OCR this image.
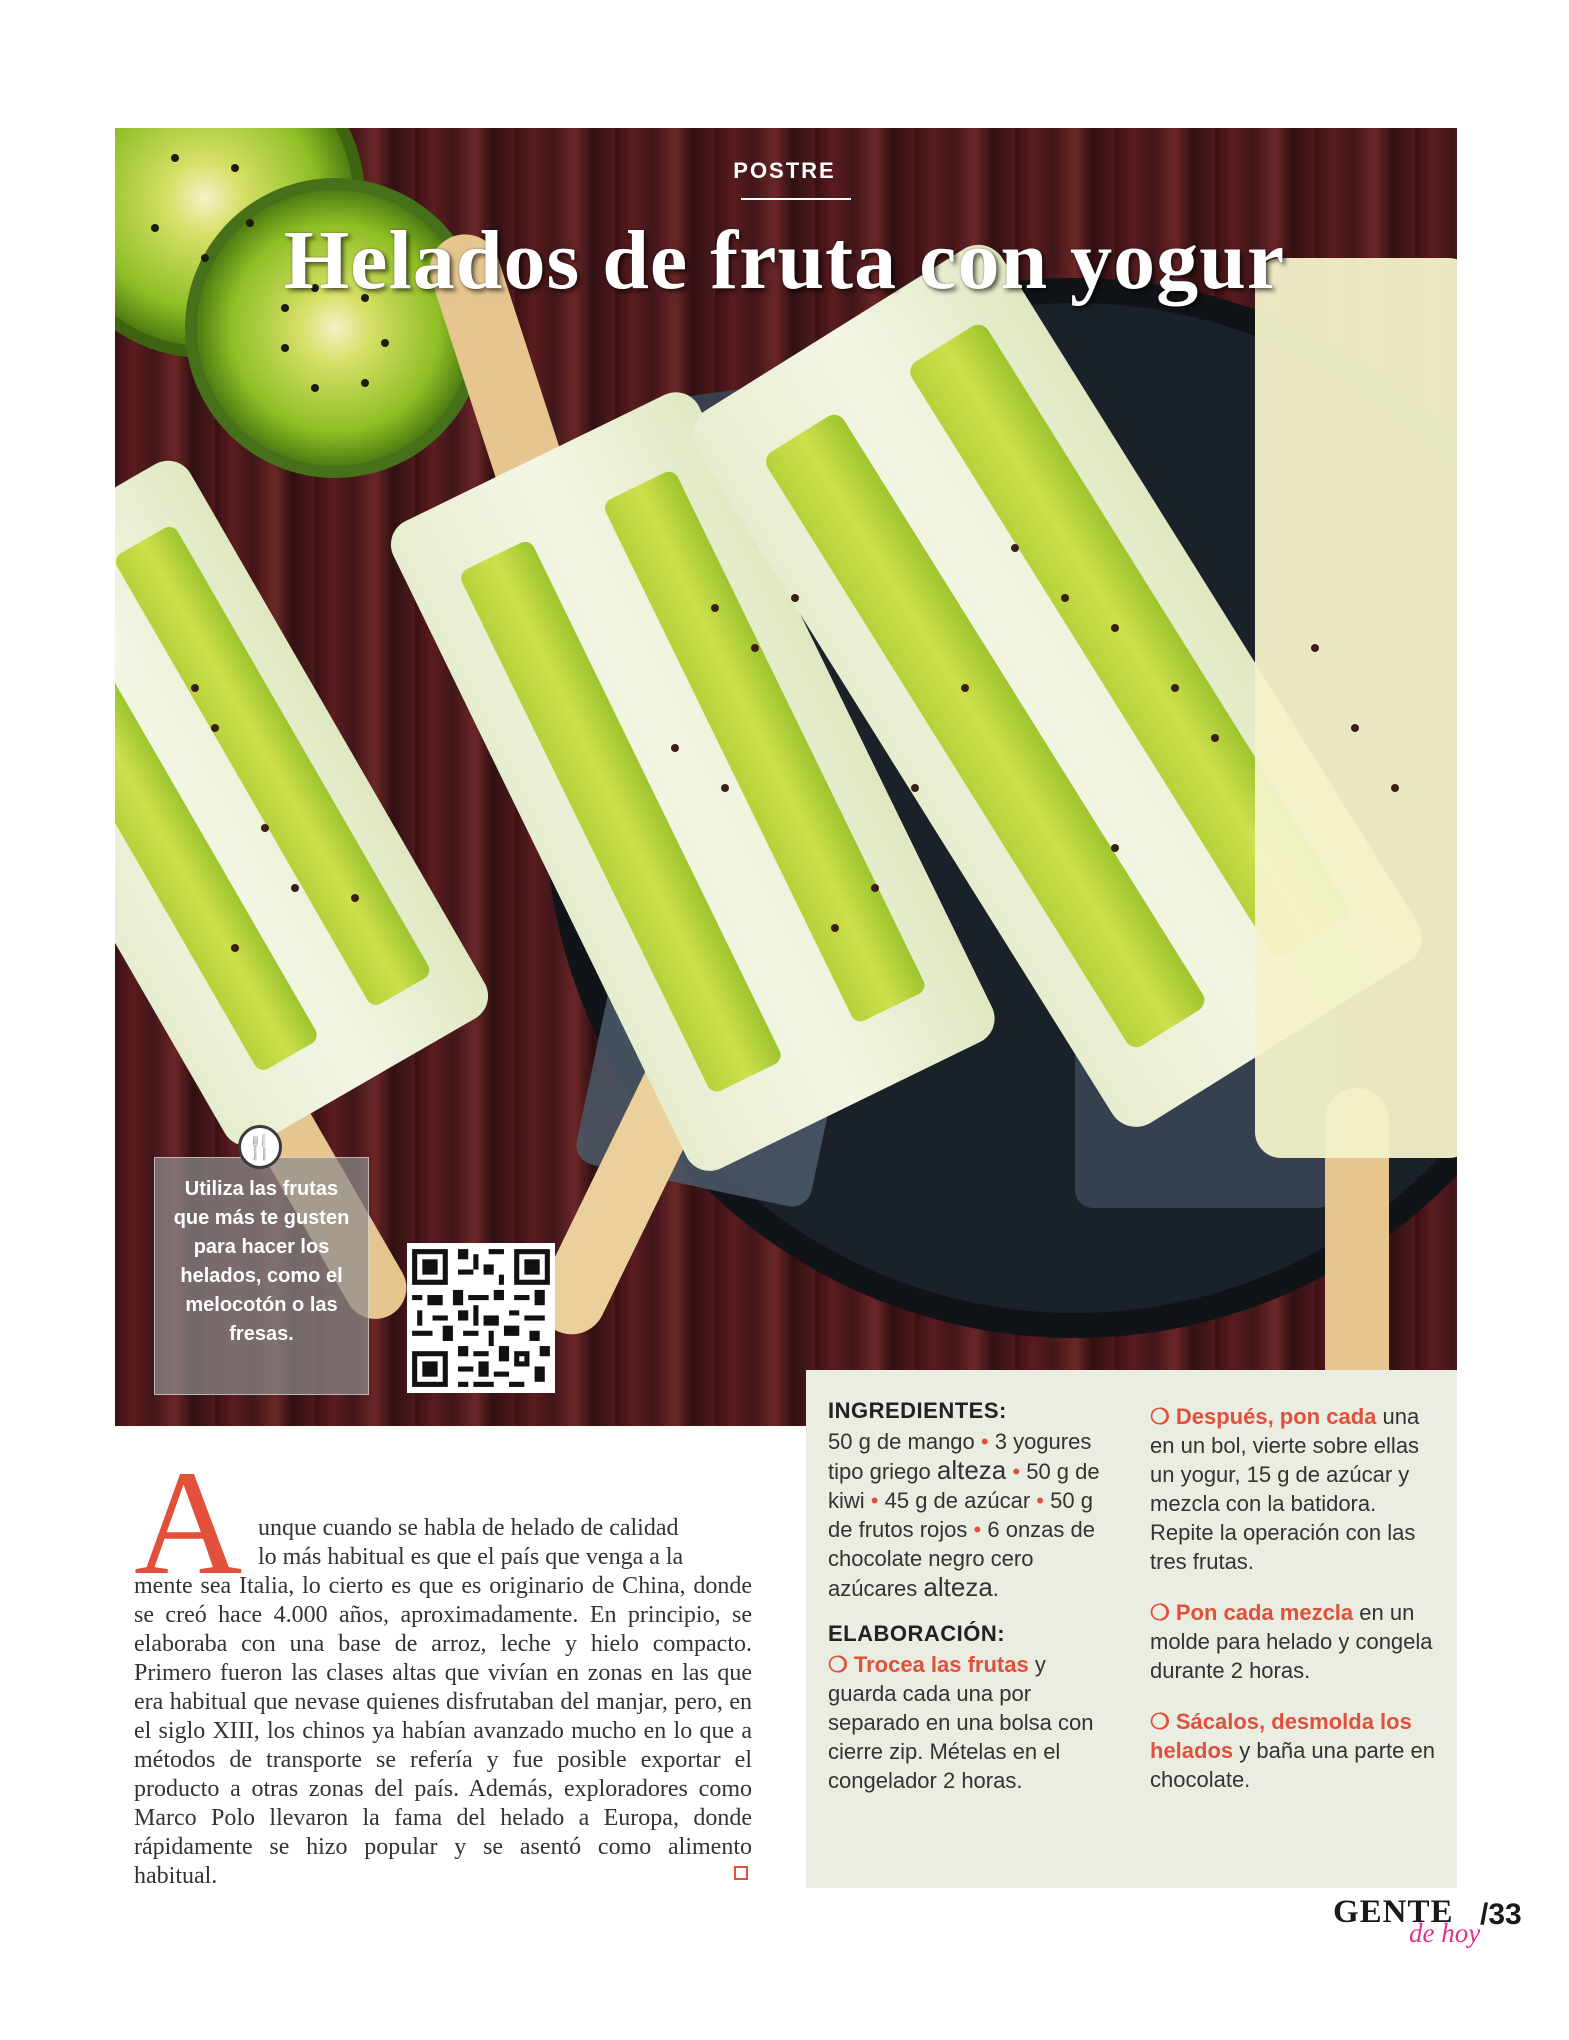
POSTRE
Helados de fruta con yogur
🍴
Utiliza las frutas que más te gusten para hacer los helados, como el melocotón o las fresas.
A unque cuando se habla de helado de calidad
lo más habitual es que el país que venga a la
mente sea Italia, lo cierto es que es originario de China, donde se creó hace 4.000 años, aproximadamente. En principio, se elaboraba con una base de arroz, leche y hielo compacto. Primero fueron las clases altas que vivían en zonas en las que era habitual que nevase quienes disfrutaban del manjar, pero, en el siglo XIII, los chinos ya habían avanzado mucho en lo que a métodos de transporte se refería y fue posible exportar el producto a otras zonas del país. Además, exploradores como Marco Polo llevaron la fama del helado a Europa, donde rápidamente se hizo popular y se asentó como alimento habitual.

INGREDIENTES:
50 g de mango • 3 yogures tipo griego alteza • 50 g de kiwi • 45 g de azúcar • 50 g de frutos rojos • 6 onzas de chocolate negro cero azúcares alteza.
ELABORACIÓN:
❍ Trocea las frutas y guarda cada una por separado en una bolsa con cierre zip. Mételas en el congelador 2 horas.
❍ Después, pon cada una en un bol, vierte sobre ellas un yogur, 15 g de azúcar y mezcla con la batidora. Repite la operación con las tres frutas.
❍ Pon cada mezcla en un molde para helado y congela durante 2 horas.
❍ Sácalos, desmolda los helados y baña una parte en chocolate.
GENTE
de hoy
/33
